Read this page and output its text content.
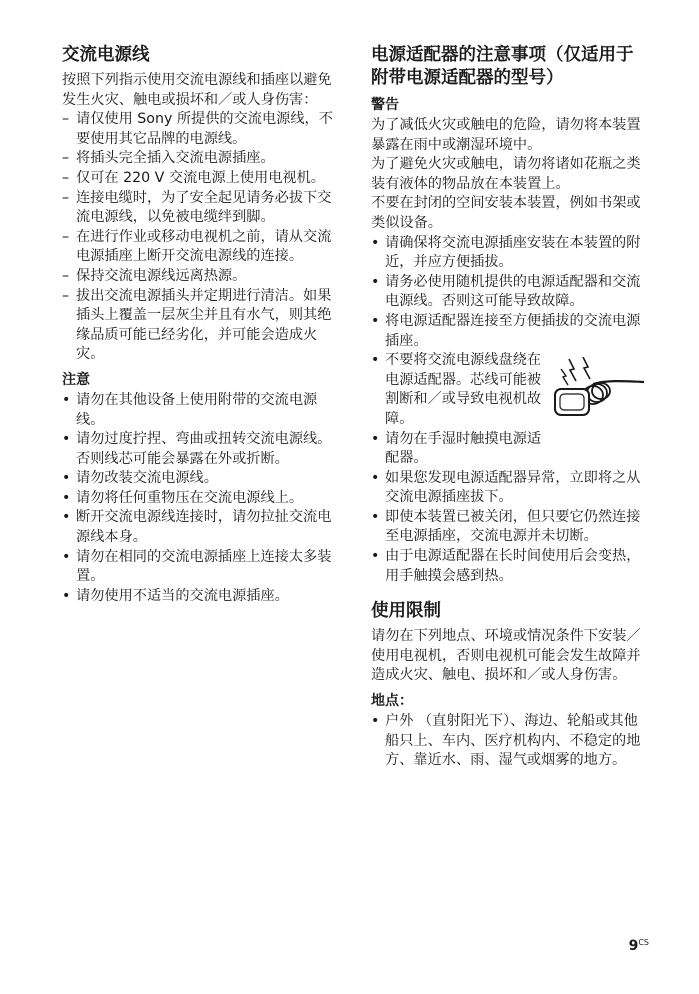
交流电源线

按照下列指示使用交流电源线和插座以避免发生火灾、触电或损坏和／或人身伤害：

– 请仅使用 Sony 所提供的交流电源线，不要使用其它品牌的电源线。
– 将插头完全插入交流电源插座。
– 仅可在 220 V 交流电源上使用电视机。
– 连接电缆时，为了安全起见请务必拔下交流电源线，以免被电缆绊到脚。
– 在进行作业或移动电视机之前，请从交流电源插座上断开交流电源线的连接。
– 保持交流电源线远离热源。
– 拔出交流电源插头并定期进行清洁。如果插头上覆盖一层灰尘并且有水气，则其绝缘品质可能已经劣化，并可能会造成火灾。
注意
• 请勿在其他设备上使用附带的交流电源线。
• 请勿过度拧捏、弯曲或扭转交流电源线。
否则线芯可能会暴露在外或折断。
• 请勿改装交流电源线。
• 请勿将任何重物压在交流电源线上。
• 断开交流电源线连接时，请勿拉扯交流电源线本身。
• 请勿在相同的交流电源插座上连接太多装置。
• 请勿使用不适当的交流电源插座。
电源适配器的注意事项（仅适用于附带电源适配器的型号）
警告

为了减低火灾或触电的危险，请勿将本装置暴露在雨中或潮湿环境中。

为了避免火灾或触电，请勿将诸如花瓶之类装有液体的物品放在本装置上。

不要在封闭的空间安装本装置，例如书架或类似设备。

• 请确保将交流电源插座安装在本装置的附近，并应方便插拔。
• 请务必使用随机提供的电源适配器和交流电源线。否则这可能导致故障。
• 将电源适配器连接至方便插拔的交流电源插座。
• 不要将交流电源线盘绕在电源适配器。芯线可能被割断和／或导致电视机故障。
• 请勿在手湿时触摸电源适配器。
• 如果您发现电源适配器异常，立即将之从交流电源插座拔下。
• 即使本装置已被关闭，但只要它仍然连接至电源插座，交流电源并未切断。
• 由于电源适配器在长时间使用后会变热，用手触摸会感到热。
使用限制

请勿在下列地点、环境或情况条件下安装／使用电视机，否则电视机可能会发生故障并造成火灾、触电、损坏和／或人身伤害。

地点：
• 户外 （直射阳光下）、海边、轮船或其他船只上、车内、医疗机构内、不稳定的地方、靠近水、雨、湿气或烟雾的地方。
$9^{CS}$
